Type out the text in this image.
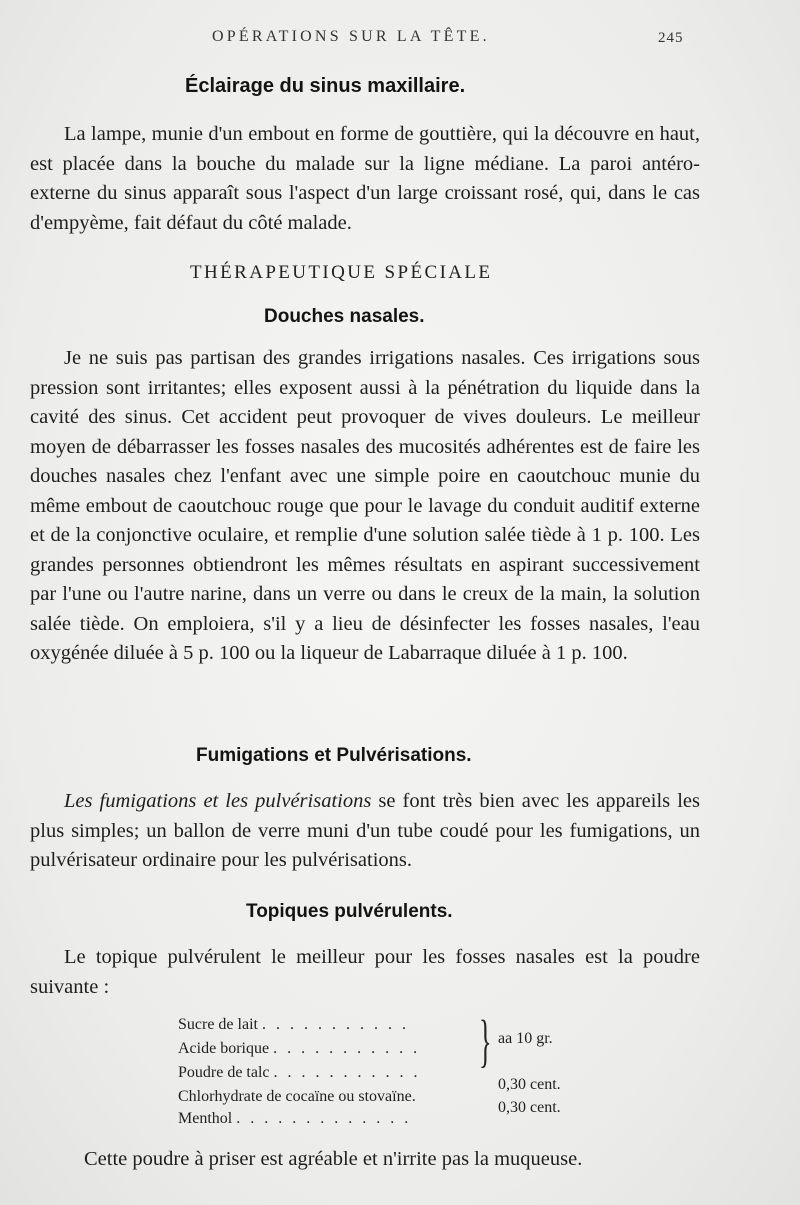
OPÉRATIONS SUR LA TÊTE.	245
Éclairage du sinus maxillaire.

La lampe, munie d'un embout en forme de gouttière, qui la découvre en haut, est placée dans la bouche du malade sur la ligne médiane. La paroi antéro-externe du sinus apparaît sous l'aspect d'un large croissant rosé, qui, dans le cas d'empyème, fait défaut du côté malade.

THÉRAPEUTIQUE SPÉCIALE
Douches nasales.

Je ne suis pas partisan des grandes irrigations nasales. Ces irrigations sous pression sont irritantes; elles exposent aussi à la pénétration du liquide dans la cavité des sinus. Cet accident peut provoquer de vives douleurs. Le meilleur moyen de débarrasser les fosses nasales des mucosités adhérentes est de faire les douches nasales chez l'enfant avec une simple poire en caoutchouc munie du même embout de caoutchouc rouge que pour le lavage du conduit auditif externe et de la conjonctive oculaire, et remplie d'une solution salée tiède à 1 p. 100. Les grandes personnes obtiendront les mêmes résultats en aspirant successivement par l'une ou l'autre narine, dans un verre ou dans le creux de la main, la solution salée tiède. On emploiera, s'il y a lieu de désinfecter les fosses nasales, l'eau oxygénée diluée à 5 p. 100 ou la liqueur de Labarraque diluée à 1 p. 100.

Fumigations et Pulvérisations.

Les fumigations et les pulvérisations se font très bien avec les appareils les plus simples; un ballon de verre muni d'un tube coudé pour les fumigations, un pulvérisateur ordinaire pour les pulvérisations.

Topiques pulvérulents.

Le topique pulvérulent le meilleur pour les fosses nasales est la poudre suivante :

Sucre de lait . . . . . . . . . . .
Acide borique . . . . . . . . . . .
Poudre de talc . . . . . . . . . . .
Chlorhydrate de cocaïne ou stovaïne.
Menthol . . . . . . . . . . . . .
} aa 10 gr.
0,30 cent.
0,30 cent.
Cette poudre à priser est agréable et n'irrite pas la muqueuse.
